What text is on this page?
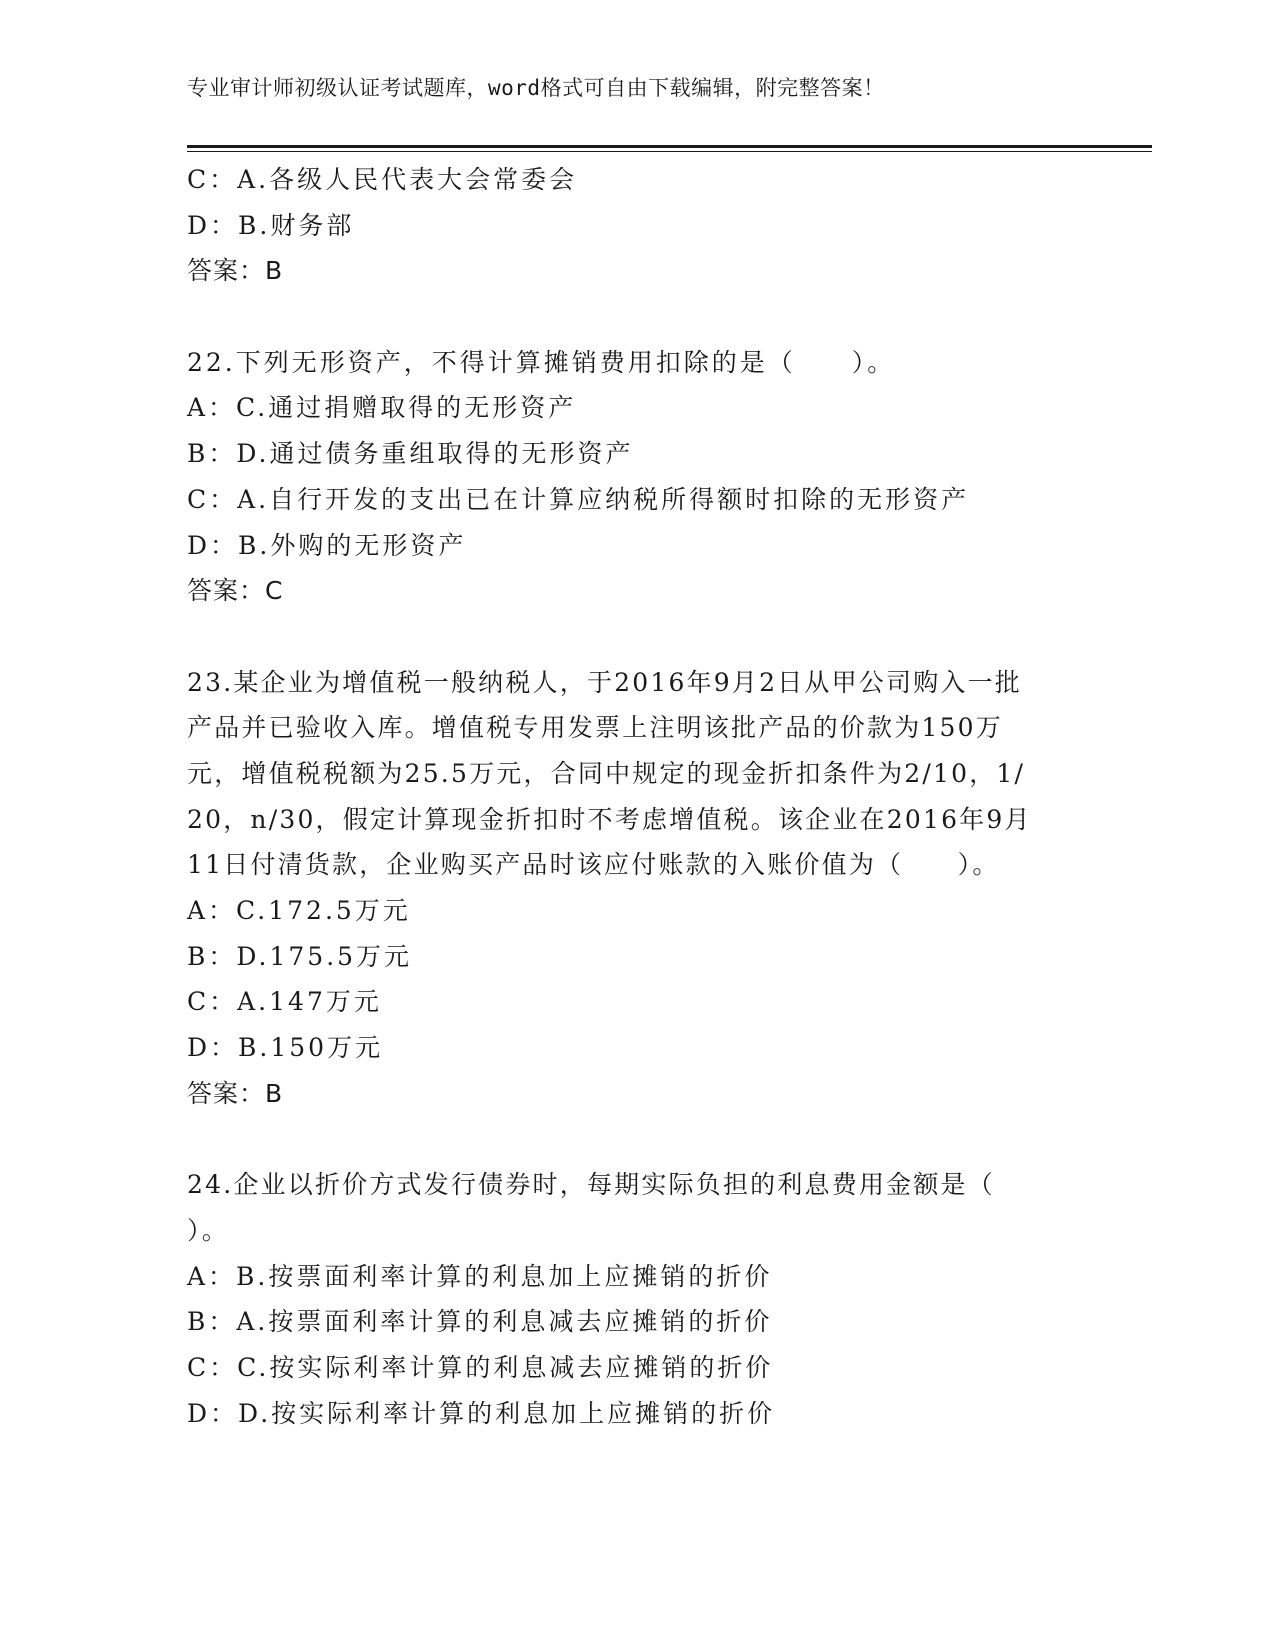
专业审计师初级认证考试题库，word格式可自由下载编辑，附完整答案！
C：A.各级人民代表大会常委会
D：B.财务部
答案：B
22.下列无形资产，不得计算摊销费用扣除的是（　　）。
A：C.通过捐赠取得的无形资产
B：D.通过债务重组取得的无形资产
C：A.自行开发的支出已在计算应纳税所得额时扣除的无形资产
D：B.外购的无形资产
答案：C
23.某企业为增值税一般纳税人，于2016年9月2日从甲公司购入一批产品并已验收入库。增值税专用发票上注明该批产品的价款为150万元，增值税税额为25.5万元，合同中规定的现金折扣条件为2/10，1/20，n/30，假定计算现金折扣时不考虑增值税。该企业在2016年9月11日付清货款，企业购买产品时该应付账款的入账价值为（　　）。
A：C.172.5万元
B：D.175.5万元
C：A.147万元
D：B.150万元
答案：B
24.企业以折价方式发行债券时，每期实际负担的利息费用金额是（　　）。
A：B.按票面利率计算的利息加上应摊销的折价
B：A.按票面利率计算的利息减去应摊销的折价
C：C.按实际利率计算的利息减去应摊销的折价
D：D.按实际利率计算的利息加上应摊销的折价
